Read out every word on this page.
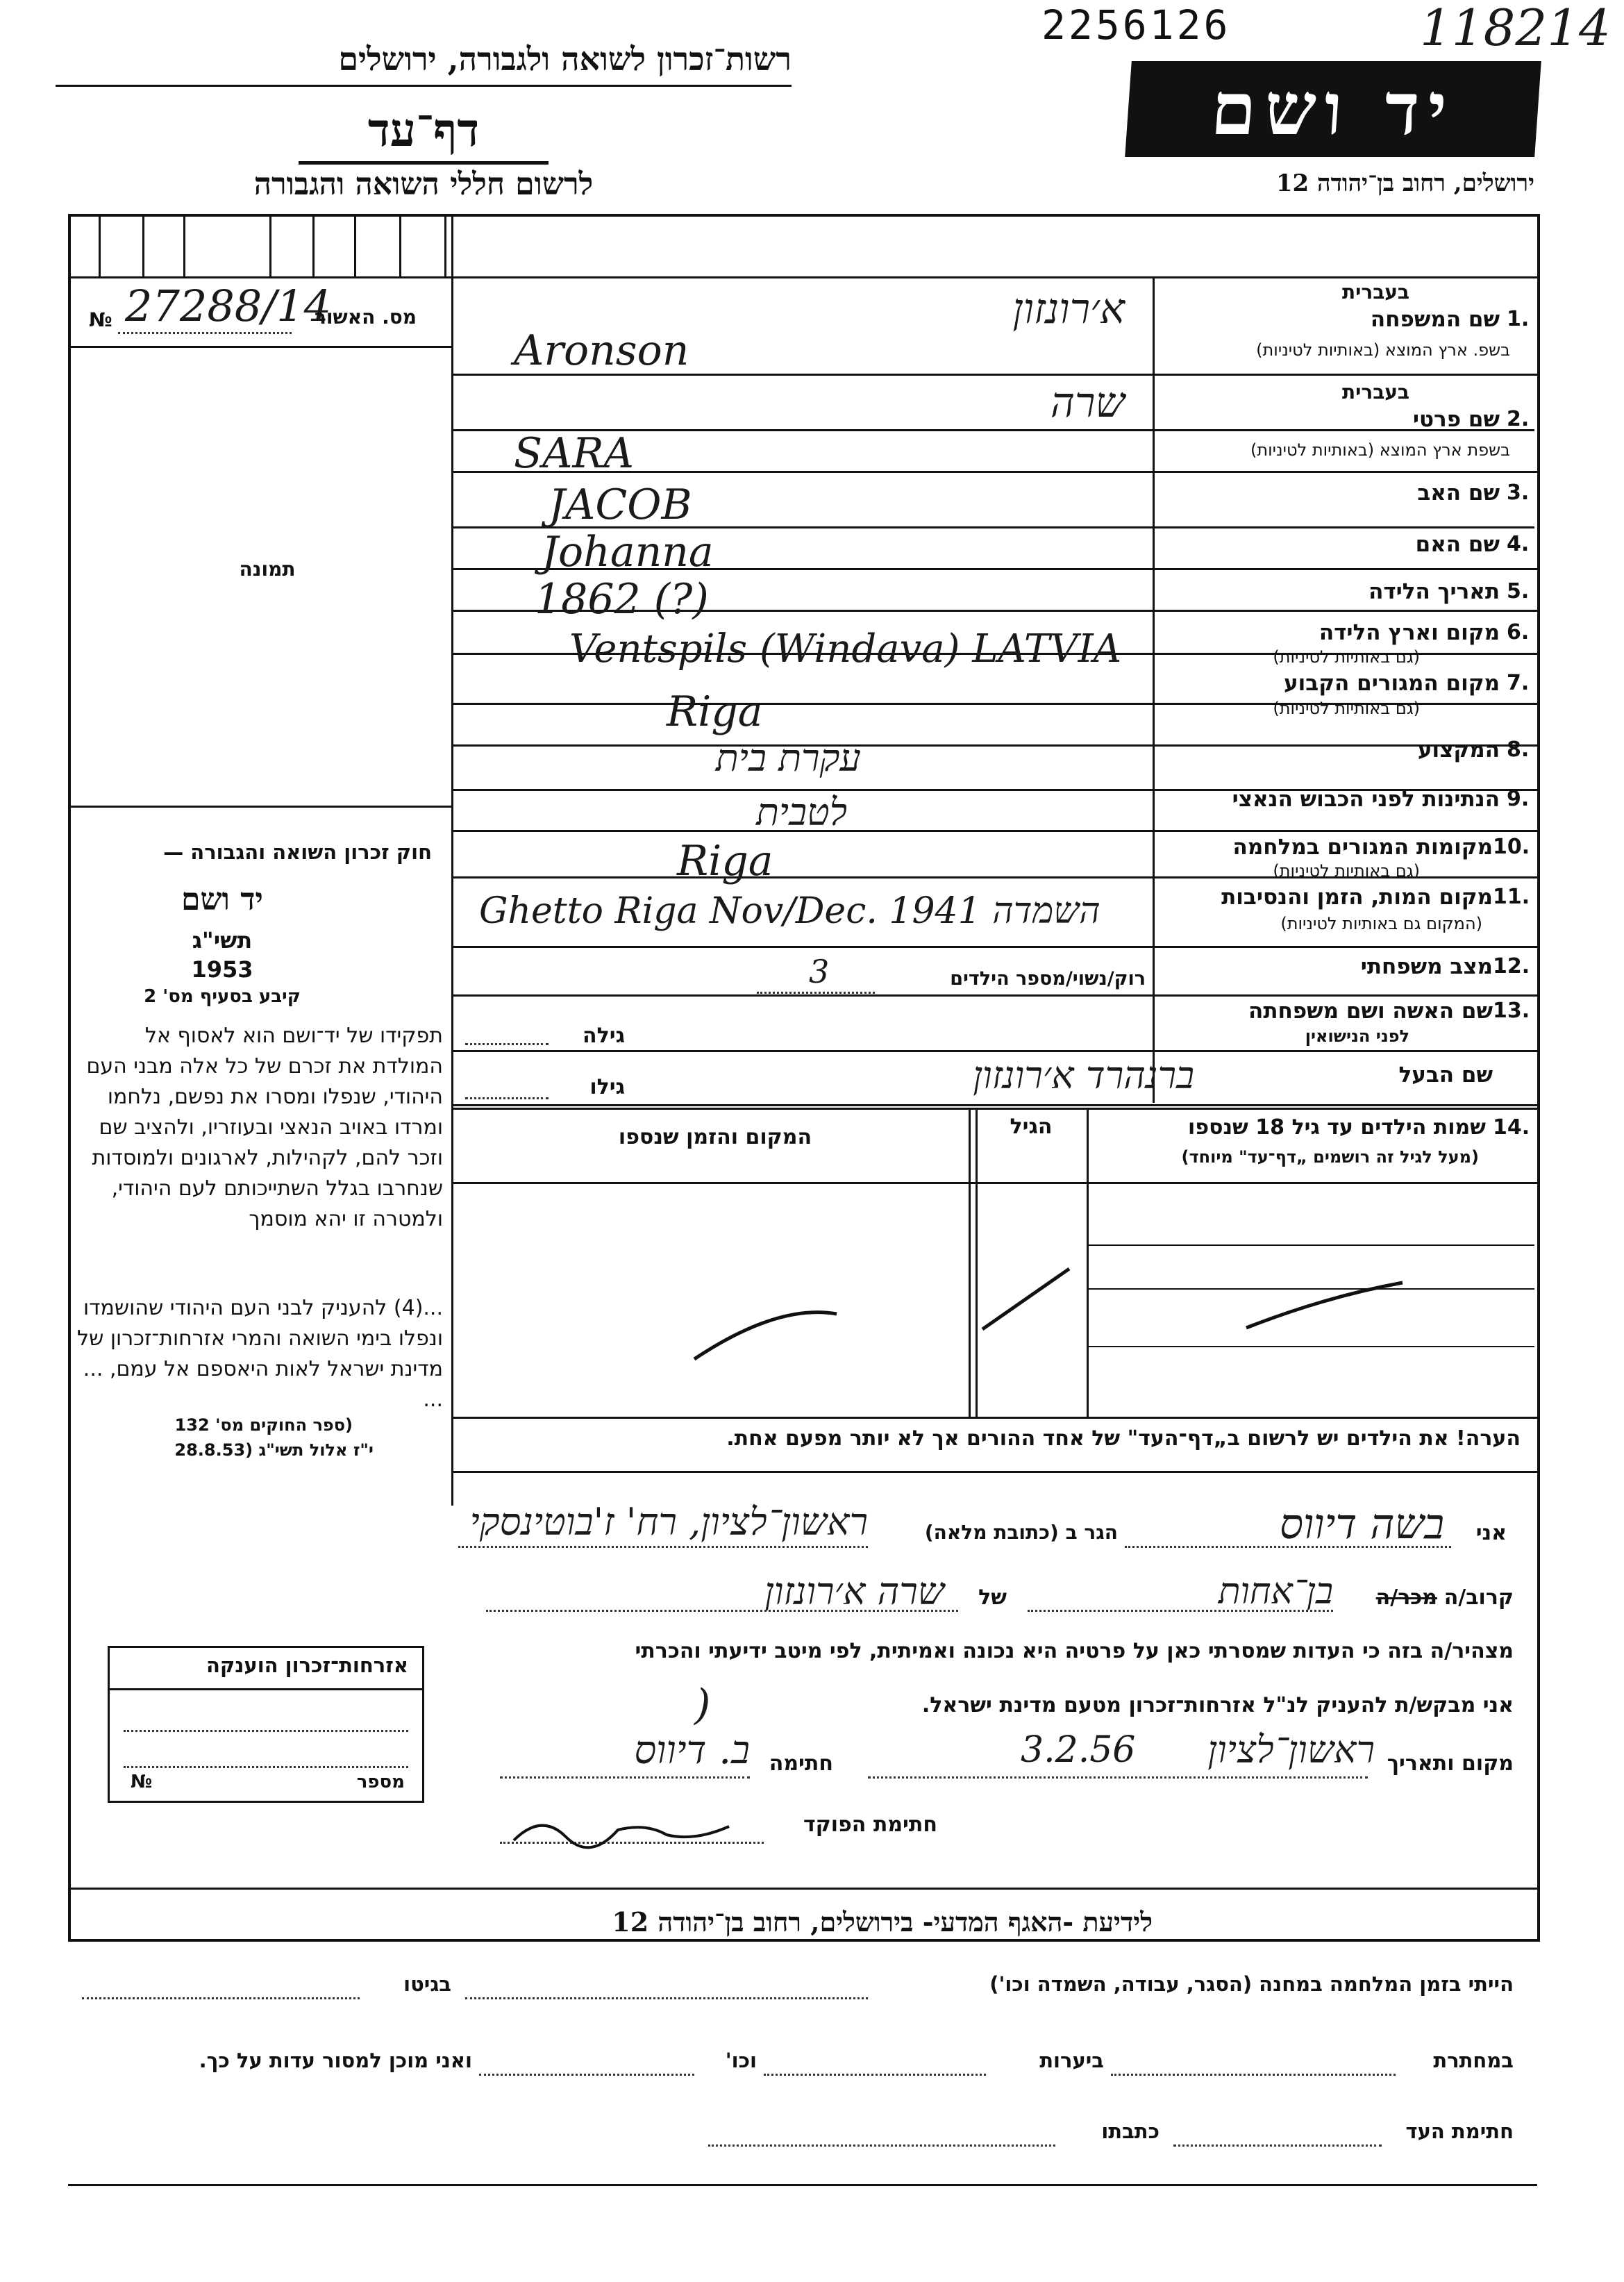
2256126	118214
רשות־זכרון לשואה ולגבורה, ירושלים
דף־עד
לרשום חללי השואה והגבורה
יד ושם
ירושלים, רחוב בן־יהודה 12
№ 27288/14
מס. האשור
תמונה
חוק זכרון השואה והגבורה —
יד ושם
תשי"ג
1953
קיבע בסעיף מס' 2
תפקידו של יד־ושם הוא לאסוף אל המולדת את זכרם של כל אלה מבני העם היהודי, שנפלו ומסרו את נפשם, נלחמו ומרדו באויב הנאצי ובעוזריו, ולהציב שם וזכר להם, לקהילות, לארגונים ולמוסדות שנחרבו בגלל השתייכותם לעם היהודי, ולמטרה זו יהא מוסמך
...(4) להעניק לבני העם היהודי שהושמדו ונפלו בימי השואה והמרי אזרחות־זכרון של מדינת ישראל לאות היאספם אל עמם, ... ...
(ספר החוקים מס' 132
י"ז אלול תשי"ג (28.8.53
אזרחות־זכרון הוענקה
№	מספר
בעברית
שם המשפחה 1.
בשפ. ארץ המוצא (באותיות לטיניות)
א׳רונזון
Aronson
בעברית
שם פרטי 2.
בשפת ארץ המוצא (באותיות לטיניות)
שרה
SARA
שם האב 3.
JACOB
שם האם 4.
Johanna
תאריך הלידה 5.
1862 (?)
מקום וארץ הלידה 6.
(גם באותיות לטיניות)
Ventspils (Windava) LATVIA
מקום המגורים הקבוע 7.
(גם באותיות לטיניות)
Riga
המקצוע 8.
עקרת בית
הנתינות לפני הכבוש הנאצי 9.
לטבית
מקומות המגורים במלחמה 10.
(גם באותיות לטיניות)
Riga
מקום המות, הזמן והנסיבות 11.
(המקום גם באותיות לטיניות)
Ghetto Riga Nov/Dec. 1941 השמדה
מצב משפחתי 12.
רוק/נשוי/מספר הילדים
3
שם האשה ושם משפחתה 13.
לפני הנישואין
גילה
שם הבעל
ברנהרד א׳רונזון
גילו
14.
שמות הילדים עד גיל 18 שנספו
(מעל לגיל זה רושמים „דף־עד" מיוחד)
הגיל
המקום והזמן שנספו
הערה! את הילדים יש לרשום ב„דף־העד" של אחד ההורים אך לא יותר מפעם אחת.
אני
בשה דיווס
הגר ב (כתובת מלאה)
ראשון־לציון, רח' ז'בוטינסקי
קרוב/ה
מכר/ה
בן־אחות
של
שרה א׳רונזון
מצהיר/ה בזה כי העדות שמסרתי כאן על פרטיה היא נכונה ואמיתית, לפי מיטב ידיעתי והכרתי
אני מבקש/ת להעניק לנ"ל אזרחות־זכרון מטעם מדינת ישראל.
)
מקום ותאריך
ראשון־לציון
3.2.56
חתימה
ב. דיווס
חתימת הפוקד
לידיעת -האגף המדעי- בירושלים, רחוב בן־יהודה 12
הייתי בזמן המלחמה במחנה (הסגר, עבודה, השמדה וכו')
בגיטו
במחתרת
ביערות
וכו'
ואני מוכן למסור עדות על כך.
חתימת העד
כתבתו
